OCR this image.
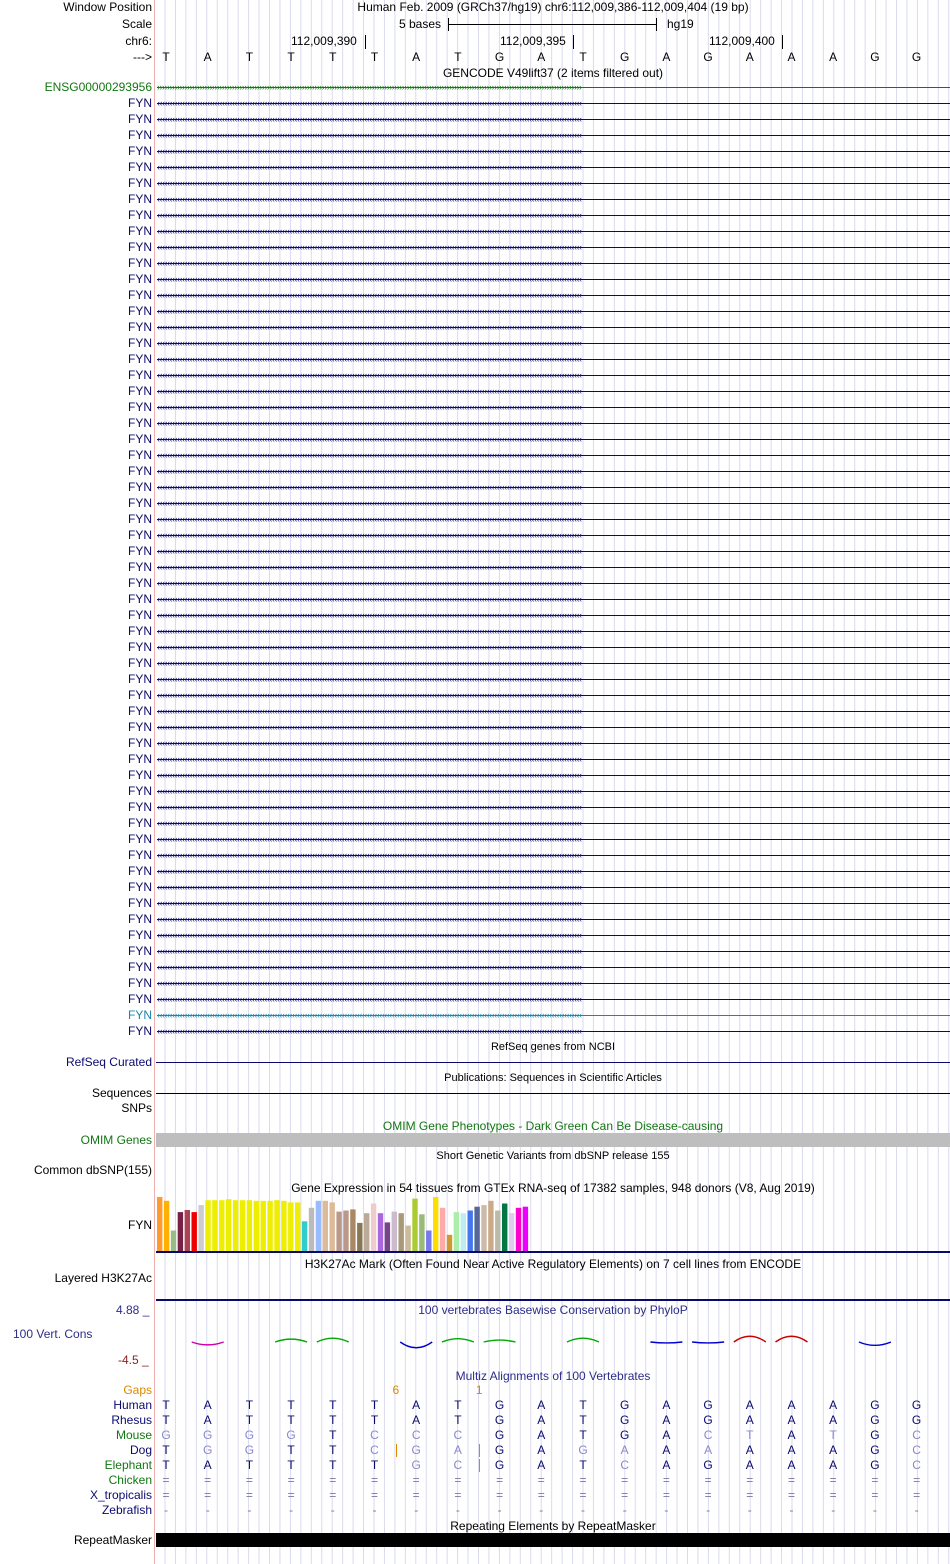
Window Position
Scale
chr6:
--->
Human Feb. 2009 (GRCh37/hg19) chr6:112,009,386-112,009,404 (19 bp)
5 bases	hg19
112,009,390	112,009,395	112,009,400
T	A	T	T	T	T	A	T	G	A	T	G	A	G	A	A	A	G	G
GENCODE V49lift37 (2 items filtered out)
ENSG00000293956 ››››››››››››››››››››››››››››››››››››››››››››››››››››››››››››››››››››››››››››››››››››››››››››››››››››››››››››››››››››››››››››››››››››››››››››››››››››››››››››››››››››››››››
FYN ‹‹‹‹‹‹‹‹‹‹‹‹‹‹‹‹‹‹‹‹‹‹‹‹‹‹‹‹‹‹‹‹‹‹‹‹‹‹‹‹‹‹‹‹‹‹‹‹‹‹‹‹‹‹‹‹‹‹‹‹‹‹‹‹‹‹‹‹‹‹‹‹‹‹‹‹‹‹‹‹‹‹‹‹‹‹‹‹‹‹‹‹‹‹‹‹‹‹‹‹‹‹‹‹‹‹‹‹‹‹‹‹‹‹‹‹‹‹‹‹‹‹‹‹‹‹‹‹‹‹‹‹‹‹‹‹‹‹‹‹‹‹‹‹‹‹‹‹‹‹‹‹‹‹‹‹‹‹‹‹‹‹‹‹‹‹‹‹‹‹
FYN ‹‹‹‹‹‹‹‹‹‹‹‹‹‹‹‹‹‹‹‹‹‹‹‹‹‹‹‹‹‹‹‹‹‹‹‹‹‹‹‹‹‹‹‹‹‹‹‹‹‹‹‹‹‹‹‹‹‹‹‹‹‹‹‹‹‹‹‹‹‹‹‹‹‹‹‹‹‹‹‹‹‹‹‹‹‹‹‹‹‹‹‹‹‹‹‹‹‹‹‹‹‹‹‹‹‹‹‹‹‹‹‹‹‹‹‹‹‹‹‹‹‹‹‹‹‹‹‹‹‹‹‹‹‹‹‹‹‹‹‹‹‹‹‹‹‹‹‹‹‹‹‹‹‹‹‹‹‹‹‹‹‹‹‹‹‹‹‹‹‹
FYN ‹‹‹‹‹‹‹‹‹‹‹‹‹‹‹‹‹‹‹‹‹‹‹‹‹‹‹‹‹‹‹‹‹‹‹‹‹‹‹‹‹‹‹‹‹‹‹‹‹‹‹‹‹‹‹‹‹‹‹‹‹‹‹‹‹‹‹‹‹‹‹‹‹‹‹‹‹‹‹‹‹‹‹‹‹‹‹‹‹‹‹‹‹‹‹‹‹‹‹‹‹‹‹‹‹‹‹‹‹‹‹‹‹‹‹‹‹‹‹‹‹‹‹‹‹‹‹‹‹‹‹‹‹‹‹‹‹‹‹‹‹‹‹‹‹‹‹‹‹‹‹‹‹‹‹‹‹‹‹‹‹‹‹‹‹‹‹‹‹‹
FYN ‹‹‹‹‹‹‹‹‹‹‹‹‹‹‹‹‹‹‹‹‹‹‹‹‹‹‹‹‹‹‹‹‹‹‹‹‹‹‹‹‹‹‹‹‹‹‹‹‹‹‹‹‹‹‹‹‹‹‹‹‹‹‹‹‹‹‹‹‹‹‹‹‹‹‹‹‹‹‹‹‹‹‹‹‹‹‹‹‹‹‹‹‹‹‹‹‹‹‹‹‹‹‹‹‹‹‹‹‹‹‹‹‹‹‹‹‹‹‹‹‹‹‹‹‹‹‹‹‹‹‹‹‹‹‹‹‹‹‹‹‹‹‹‹‹‹‹‹‹‹‹‹‹‹‹‹‹‹‹‹‹‹‹‹‹‹‹‹‹‹
FYN ‹‹‹‹‹‹‹‹‹‹‹‹‹‹‹‹‹‹‹‹‹‹‹‹‹‹‹‹‹‹‹‹‹‹‹‹‹‹‹‹‹‹‹‹‹‹‹‹‹‹‹‹‹‹‹‹‹‹‹‹‹‹‹‹‹‹‹‹‹‹‹‹‹‹‹‹‹‹‹‹‹‹‹‹‹‹‹‹‹‹‹‹‹‹‹‹‹‹‹‹‹‹‹‹‹‹‹‹‹‹‹‹‹‹‹‹‹‹‹‹‹‹‹‹‹‹‹‹‹‹‹‹‹‹‹‹‹‹‹‹‹‹‹‹‹‹‹‹‹‹‹‹‹‹‹‹‹‹‹‹‹‹‹‹‹‹‹‹‹‹
FYN ‹‹‹‹‹‹‹‹‹‹‹‹‹‹‹‹‹‹‹‹‹‹‹‹‹‹‹‹‹‹‹‹‹‹‹‹‹‹‹‹‹‹‹‹‹‹‹‹‹‹‹‹‹‹‹‹‹‹‹‹‹‹‹‹‹‹‹‹‹‹‹‹‹‹‹‹‹‹‹‹‹‹‹‹‹‹‹‹‹‹‹‹‹‹‹‹‹‹‹‹‹‹‹‹‹‹‹‹‹‹‹‹‹‹‹‹‹‹‹‹‹‹‹‹‹‹‹‹‹‹‹‹‹‹‹‹‹‹‹‹‹‹‹‹‹‹‹‹‹‹‹‹‹‹‹‹‹‹‹‹‹‹‹‹‹‹‹‹‹‹
FYN ‹‹‹‹‹‹‹‹‹‹‹‹‹‹‹‹‹‹‹‹‹‹‹‹‹‹‹‹‹‹‹‹‹‹‹‹‹‹‹‹‹‹‹‹‹‹‹‹‹‹‹‹‹‹‹‹‹‹‹‹‹‹‹‹‹‹‹‹‹‹‹‹‹‹‹‹‹‹‹‹‹‹‹‹‹‹‹‹‹‹‹‹‹‹‹‹‹‹‹‹‹‹‹‹‹‹‹‹‹‹‹‹‹‹‹‹‹‹‹‹‹‹‹‹‹‹‹‹‹‹‹‹‹‹‹‹‹‹‹‹‹‹‹‹‹‹‹‹‹‹‹‹‹‹‹‹‹‹‹‹‹‹‹‹‹‹‹‹‹‹
FYN ‹‹‹‹‹‹‹‹‹‹‹‹‹‹‹‹‹‹‹‹‹‹‹‹‹‹‹‹‹‹‹‹‹‹‹‹‹‹‹‹‹‹‹‹‹‹‹‹‹‹‹‹‹‹‹‹‹‹‹‹‹‹‹‹‹‹‹‹‹‹‹‹‹‹‹‹‹‹‹‹‹‹‹‹‹‹‹‹‹‹‹‹‹‹‹‹‹‹‹‹‹‹‹‹‹‹‹‹‹‹‹‹‹‹‹‹‹‹‹‹‹‹‹‹‹‹‹‹‹‹‹‹‹‹‹‹‹‹‹‹‹‹‹‹‹‹‹‹‹‹‹‹‹‹‹‹‹‹‹‹‹‹‹‹‹‹‹‹‹‹
FYN ‹‹‹‹‹‹‹‹‹‹‹‹‹‹‹‹‹‹‹‹‹‹‹‹‹‹‹‹‹‹‹‹‹‹‹‹‹‹‹‹‹‹‹‹‹‹‹‹‹‹‹‹‹‹‹‹‹‹‹‹‹‹‹‹‹‹‹‹‹‹‹‹‹‹‹‹‹‹‹‹‹‹‹‹‹‹‹‹‹‹‹‹‹‹‹‹‹‹‹‹‹‹‹‹‹‹‹‹‹‹‹‹‹‹‹‹‹‹‹‹‹‹‹‹‹‹‹‹‹‹‹‹‹‹‹‹‹‹‹‹‹‹‹‹‹‹‹‹‹‹‹‹‹‹‹‹‹‹‹‹‹‹‹‹‹‹‹‹‹‹
FYN ‹‹‹‹‹‹‹‹‹‹‹‹‹‹‹‹‹‹‹‹‹‹‹‹‹‹‹‹‹‹‹‹‹‹‹‹‹‹‹‹‹‹‹‹‹‹‹‹‹‹‹‹‹‹‹‹‹‹‹‹‹‹‹‹‹‹‹‹‹‹‹‹‹‹‹‹‹‹‹‹‹‹‹‹‹‹‹‹‹‹‹‹‹‹‹‹‹‹‹‹‹‹‹‹‹‹‹‹‹‹‹‹‹‹‹‹‹‹‹‹‹‹‹‹‹‹‹‹‹‹‹‹‹‹‹‹‹‹‹‹‹‹‹‹‹‹‹‹‹‹‹‹‹‹‹‹‹‹‹‹‹‹‹‹‹‹‹‹‹‹
FYN ‹‹‹‹‹‹‹‹‹‹‹‹‹‹‹‹‹‹‹‹‹‹‹‹‹‹‹‹‹‹‹‹‹‹‹‹‹‹‹‹‹‹‹‹‹‹‹‹‹‹‹‹‹‹‹‹‹‹‹‹‹‹‹‹‹‹‹‹‹‹‹‹‹‹‹‹‹‹‹‹‹‹‹‹‹‹‹‹‹‹‹‹‹‹‹‹‹‹‹‹‹‹‹‹‹‹‹‹‹‹‹‹‹‹‹‹‹‹‹‹‹‹‹‹‹‹‹‹‹‹‹‹‹‹‹‹‹‹‹‹‹‹‹‹‹‹‹‹‹‹‹‹‹‹‹‹‹‹‹‹‹‹‹‹‹‹‹‹‹‹
FYN ‹‹‹‹‹‹‹‹‹‹‹‹‹‹‹‹‹‹‹‹‹‹‹‹‹‹‹‹‹‹‹‹‹‹‹‹‹‹‹‹‹‹‹‹‹‹‹‹‹‹‹‹‹‹‹‹‹‹‹‹‹‹‹‹‹‹‹‹‹‹‹‹‹‹‹‹‹‹‹‹‹‹‹‹‹‹‹‹‹‹‹‹‹‹‹‹‹‹‹‹‹‹‹‹‹‹‹‹‹‹‹‹‹‹‹‹‹‹‹‹‹‹‹‹‹‹‹‹‹‹‹‹‹‹‹‹‹‹‹‹‹‹‹‹‹‹‹‹‹‹‹‹‹‹‹‹‹‹‹‹‹‹‹‹‹‹‹‹‹‹
FYN ‹‹‹‹‹‹‹‹‹‹‹‹‹‹‹‹‹‹‹‹‹‹‹‹‹‹‹‹‹‹‹‹‹‹‹‹‹‹‹‹‹‹‹‹‹‹‹‹‹‹‹‹‹‹‹‹‹‹‹‹‹‹‹‹‹‹‹‹‹‹‹‹‹‹‹‹‹‹‹‹‹‹‹‹‹‹‹‹‹‹‹‹‹‹‹‹‹‹‹‹‹‹‹‹‹‹‹‹‹‹‹‹‹‹‹‹‹‹‹‹‹‹‹‹‹‹‹‹‹‹‹‹‹‹‹‹‹‹‹‹‹‹‹‹‹‹‹‹‹‹‹‹‹‹‹‹‹‹‹‹‹‹‹‹‹‹‹‹‹‹
FYN ‹‹‹‹‹‹‹‹‹‹‹‹‹‹‹‹‹‹‹‹‹‹‹‹‹‹‹‹‹‹‹‹‹‹‹‹‹‹‹‹‹‹‹‹‹‹‹‹‹‹‹‹‹‹‹‹‹‹‹‹‹‹‹‹‹‹‹‹‹‹‹‹‹‹‹‹‹‹‹‹‹‹‹‹‹‹‹‹‹‹‹‹‹‹‹‹‹‹‹‹‹‹‹‹‹‹‹‹‹‹‹‹‹‹‹‹‹‹‹‹‹‹‹‹‹‹‹‹‹‹‹‹‹‹‹‹‹‹‹‹‹‹‹‹‹‹‹‹‹‹‹‹‹‹‹‹‹‹‹‹‹‹‹‹‹‹‹‹‹‹
FYN ‹‹‹‹‹‹‹‹‹‹‹‹‹‹‹‹‹‹‹‹‹‹‹‹‹‹‹‹‹‹‹‹‹‹‹‹‹‹‹‹‹‹‹‹‹‹‹‹‹‹‹‹‹‹‹‹‹‹‹‹‹‹‹‹‹‹‹‹‹‹‹‹‹‹‹‹‹‹‹‹‹‹‹‹‹‹‹‹‹‹‹‹‹‹‹‹‹‹‹‹‹‹‹‹‹‹‹‹‹‹‹‹‹‹‹‹‹‹‹‹‹‹‹‹‹‹‹‹‹‹‹‹‹‹‹‹‹‹‹‹‹‹‹‹‹‹‹‹‹‹‹‹‹‹‹‹‹‹‹‹‹‹‹‹‹‹‹‹‹‹
FYN ‹‹‹‹‹‹‹‹‹‹‹‹‹‹‹‹‹‹‹‹‹‹‹‹‹‹‹‹‹‹‹‹‹‹‹‹‹‹‹‹‹‹‹‹‹‹‹‹‹‹‹‹‹‹‹‹‹‹‹‹‹‹‹‹‹‹‹‹‹‹‹‹‹‹‹‹‹‹‹‹‹‹‹‹‹‹‹‹‹‹‹‹‹‹‹‹‹‹‹‹‹‹‹‹‹‹‹‹‹‹‹‹‹‹‹‹‹‹‹‹‹‹‹‹‹‹‹‹‹‹‹‹‹‹‹‹‹‹‹‹‹‹‹‹‹‹‹‹‹‹‹‹‹‹‹‹‹‹‹‹‹‹‹‹‹‹‹‹‹‹
FYN ‹‹‹‹‹‹‹‹‹‹‹‹‹‹‹‹‹‹‹‹‹‹‹‹‹‹‹‹‹‹‹‹‹‹‹‹‹‹‹‹‹‹‹‹‹‹‹‹‹‹‹‹‹‹‹‹‹‹‹‹‹‹‹‹‹‹‹‹‹‹‹‹‹‹‹‹‹‹‹‹‹‹‹‹‹‹‹‹‹‹‹‹‹‹‹‹‹‹‹‹‹‹‹‹‹‹‹‹‹‹‹‹‹‹‹‹‹‹‹‹‹‹‹‹‹‹‹‹‹‹‹‹‹‹‹‹‹‹‹‹‹‹‹‹‹‹‹‹‹‹‹‹‹‹‹‹‹‹‹‹‹‹‹‹‹‹‹‹‹‹
FYN ‹‹‹‹‹‹‹‹‹‹‹‹‹‹‹‹‹‹‹‹‹‹‹‹‹‹‹‹‹‹‹‹‹‹‹‹‹‹‹‹‹‹‹‹‹‹‹‹‹‹‹‹‹‹‹‹‹‹‹‹‹‹‹‹‹‹‹‹‹‹‹‹‹‹‹‹‹‹‹‹‹‹‹‹‹‹‹‹‹‹‹‹‹‹‹‹‹‹‹‹‹‹‹‹‹‹‹‹‹‹‹‹‹‹‹‹‹‹‹‹‹‹‹‹‹‹‹‹‹‹‹‹‹‹‹‹‹‹‹‹‹‹‹‹‹‹‹‹‹‹‹‹‹‹‹‹‹‹‹‹‹‹‹‹‹‹‹‹‹‹
FYN ‹‹‹‹‹‹‹‹‹‹‹‹‹‹‹‹‹‹‹‹‹‹‹‹‹‹‹‹‹‹‹‹‹‹‹‹‹‹‹‹‹‹‹‹‹‹‹‹‹‹‹‹‹‹‹‹‹‹‹‹‹‹‹‹‹‹‹‹‹‹‹‹‹‹‹‹‹‹‹‹‹‹‹‹‹‹‹‹‹‹‹‹‹‹‹‹‹‹‹‹‹‹‹‹‹‹‹‹‹‹‹‹‹‹‹‹‹‹‹‹‹‹‹‹‹‹‹‹‹‹‹‹‹‹‹‹‹‹‹‹‹‹‹‹‹‹‹‹‹‹‹‹‹‹‹‹‹‹‹‹‹‹‹‹‹‹‹‹‹‹
FYN ‹‹‹‹‹‹‹‹‹‹‹‹‹‹‹‹‹‹‹‹‹‹‹‹‹‹‹‹‹‹‹‹‹‹‹‹‹‹‹‹‹‹‹‹‹‹‹‹‹‹‹‹‹‹‹‹‹‹‹‹‹‹‹‹‹‹‹‹‹‹‹‹‹‹‹‹‹‹‹‹‹‹‹‹‹‹‹‹‹‹‹‹‹‹‹‹‹‹‹‹‹‹‹‹‹‹‹‹‹‹‹‹‹‹‹‹‹‹‹‹‹‹‹‹‹‹‹‹‹‹‹‹‹‹‹‹‹‹‹‹‹‹‹‹‹‹‹‹‹‹‹‹‹‹‹‹‹‹‹‹‹‹‹‹‹‹‹‹‹‹
FYN ‹‹‹‹‹‹‹‹‹‹‹‹‹‹‹‹‹‹‹‹‹‹‹‹‹‹‹‹‹‹‹‹‹‹‹‹‹‹‹‹‹‹‹‹‹‹‹‹‹‹‹‹‹‹‹‹‹‹‹‹‹‹‹‹‹‹‹‹‹‹‹‹‹‹‹‹‹‹‹‹‹‹‹‹‹‹‹‹‹‹‹‹‹‹‹‹‹‹‹‹‹‹‹‹‹‹‹‹‹‹‹‹‹‹‹‹‹‹‹‹‹‹‹‹‹‹‹‹‹‹‹‹‹‹‹‹‹‹‹‹‹‹‹‹‹‹‹‹‹‹‹‹‹‹‹‹‹‹‹‹‹‹‹‹‹‹‹‹‹‹
FYN ‹‹‹‹‹‹‹‹‹‹‹‹‹‹‹‹‹‹‹‹‹‹‹‹‹‹‹‹‹‹‹‹‹‹‹‹‹‹‹‹‹‹‹‹‹‹‹‹‹‹‹‹‹‹‹‹‹‹‹‹‹‹‹‹‹‹‹‹‹‹‹‹‹‹‹‹‹‹‹‹‹‹‹‹‹‹‹‹‹‹‹‹‹‹‹‹‹‹‹‹‹‹‹‹‹‹‹‹‹‹‹‹‹‹‹‹‹‹‹‹‹‹‹‹‹‹‹‹‹‹‹‹‹‹‹‹‹‹‹‹‹‹‹‹‹‹‹‹‹‹‹‹‹‹‹‹‹‹‹‹‹‹‹‹‹‹‹‹‹‹
FYN ‹‹‹‹‹‹‹‹‹‹‹‹‹‹‹‹‹‹‹‹‹‹‹‹‹‹‹‹‹‹‹‹‹‹‹‹‹‹‹‹‹‹‹‹‹‹‹‹‹‹‹‹‹‹‹‹‹‹‹‹‹‹‹‹‹‹‹‹‹‹‹‹‹‹‹‹‹‹‹‹‹‹‹‹‹‹‹‹‹‹‹‹‹‹‹‹‹‹‹‹‹‹‹‹‹‹‹‹‹‹‹‹‹‹‹‹‹‹‹‹‹‹‹‹‹‹‹‹‹‹‹‹‹‹‹‹‹‹‹‹‹‹‹‹‹‹‹‹‹‹‹‹‹‹‹‹‹‹‹‹‹‹‹‹‹‹‹‹‹‹
FYN ‹‹‹‹‹‹‹‹‹‹‹‹‹‹‹‹‹‹‹‹‹‹‹‹‹‹‹‹‹‹‹‹‹‹‹‹‹‹‹‹‹‹‹‹‹‹‹‹‹‹‹‹‹‹‹‹‹‹‹‹‹‹‹‹‹‹‹‹‹‹‹‹‹‹‹‹‹‹‹‹‹‹‹‹‹‹‹‹‹‹‹‹‹‹‹‹‹‹‹‹‹‹‹‹‹‹‹‹‹‹‹‹‹‹‹‹‹‹‹‹‹‹‹‹‹‹‹‹‹‹‹‹‹‹‹‹‹‹‹‹‹‹‹‹‹‹‹‹‹‹‹‹‹‹‹‹‹‹‹‹‹‹‹‹‹‹‹‹‹‹
FYN ‹‹‹‹‹‹‹‹‹‹‹‹‹‹‹‹‹‹‹‹‹‹‹‹‹‹‹‹‹‹‹‹‹‹‹‹‹‹‹‹‹‹‹‹‹‹‹‹‹‹‹‹‹‹‹‹‹‹‹‹‹‹‹‹‹‹‹‹‹‹‹‹‹‹‹‹‹‹‹‹‹‹‹‹‹‹‹‹‹‹‹‹‹‹‹‹‹‹‹‹‹‹‹‹‹‹‹‹‹‹‹‹‹‹‹‹‹‹‹‹‹‹‹‹‹‹‹‹‹‹‹‹‹‹‹‹‹‹‹‹‹‹‹‹‹‹‹‹‹‹‹‹‹‹‹‹‹‹‹‹‹‹‹‹‹‹‹‹‹‹
FYN ‹‹‹‹‹‹‹‹‹‹‹‹‹‹‹‹‹‹‹‹‹‹‹‹‹‹‹‹‹‹‹‹‹‹‹‹‹‹‹‹‹‹‹‹‹‹‹‹‹‹‹‹‹‹‹‹‹‹‹‹‹‹‹‹‹‹‹‹‹‹‹‹‹‹‹‹‹‹‹‹‹‹‹‹‹‹‹‹‹‹‹‹‹‹‹‹‹‹‹‹‹‹‹‹‹‹‹‹‹‹‹‹‹‹‹‹‹‹‹‹‹‹‹‹‹‹‹‹‹‹‹‹‹‹‹‹‹‹‹‹‹‹‹‹‹‹‹‹‹‹‹‹‹‹‹‹‹‹‹‹‹‹‹‹‹‹‹‹‹‹
FYN ‹‹‹‹‹‹‹‹‹‹‹‹‹‹‹‹‹‹‹‹‹‹‹‹‹‹‹‹‹‹‹‹‹‹‹‹‹‹‹‹‹‹‹‹‹‹‹‹‹‹‹‹‹‹‹‹‹‹‹‹‹‹‹‹‹‹‹‹‹‹‹‹‹‹‹‹‹‹‹‹‹‹‹‹‹‹‹‹‹‹‹‹‹‹‹‹‹‹‹‹‹‹‹‹‹‹‹‹‹‹‹‹‹‹‹‹‹‹‹‹‹‹‹‹‹‹‹‹‹‹‹‹‹‹‹‹‹‹‹‹‹‹‹‹‹‹‹‹‹‹‹‹‹‹‹‹‹‹‹‹‹‹‹‹‹‹‹‹‹‹
FYN ‹‹‹‹‹‹‹‹‹‹‹‹‹‹‹‹‹‹‹‹‹‹‹‹‹‹‹‹‹‹‹‹‹‹‹‹‹‹‹‹‹‹‹‹‹‹‹‹‹‹‹‹‹‹‹‹‹‹‹‹‹‹‹‹‹‹‹‹‹‹‹‹‹‹‹‹‹‹‹‹‹‹‹‹‹‹‹‹‹‹‹‹‹‹‹‹‹‹‹‹‹‹‹‹‹‹‹‹‹‹‹‹‹‹‹‹‹‹‹‹‹‹‹‹‹‹‹‹‹‹‹‹‹‹‹‹‹‹‹‹‹‹‹‹‹‹‹‹‹‹‹‹‹‹‹‹‹‹‹‹‹‹‹‹‹‹‹‹‹‹
FYN ‹‹‹‹‹‹‹‹‹‹‹‹‹‹‹‹‹‹‹‹‹‹‹‹‹‹‹‹‹‹‹‹‹‹‹‹‹‹‹‹‹‹‹‹‹‹‹‹‹‹‹‹‹‹‹‹‹‹‹‹‹‹‹‹‹‹‹‹‹‹‹‹‹‹‹‹‹‹‹‹‹‹‹‹‹‹‹‹‹‹‹‹‹‹‹‹‹‹‹‹‹‹‹‹‹‹‹‹‹‹‹‹‹‹‹‹‹‹‹‹‹‹‹‹‹‹‹‹‹‹‹‹‹‹‹‹‹‹‹‹‹‹‹‹‹‹‹‹‹‹‹‹‹‹‹‹‹‹‹‹‹‹‹‹‹‹‹‹‹‹
FYN ‹‹‹‹‹‹‹‹‹‹‹‹‹‹‹‹‹‹‹‹‹‹‹‹‹‹‹‹‹‹‹‹‹‹‹‹‹‹‹‹‹‹‹‹‹‹‹‹‹‹‹‹‹‹‹‹‹‹‹‹‹‹‹‹‹‹‹‹‹‹‹‹‹‹‹‹‹‹‹‹‹‹‹‹‹‹‹‹‹‹‹‹‹‹‹‹‹‹‹‹‹‹‹‹‹‹‹‹‹‹‹‹‹‹‹‹‹‹‹‹‹‹‹‹‹‹‹‹‹‹‹‹‹‹‹‹‹‹‹‹‹‹‹‹‹‹‹‹‹‹‹‹‹‹‹‹‹‹‹‹‹‹‹‹‹‹‹‹‹‹
FYN ‹‹‹‹‹‹‹‹‹‹‹‹‹‹‹‹‹‹‹‹‹‹‹‹‹‹‹‹‹‹‹‹‹‹‹‹‹‹‹‹‹‹‹‹‹‹‹‹‹‹‹‹‹‹‹‹‹‹‹‹‹‹‹‹‹‹‹‹‹‹‹‹‹‹‹‹‹‹‹‹‹‹‹‹‹‹‹‹‹‹‹‹‹‹‹‹‹‹‹‹‹‹‹‹‹‹‹‹‹‹‹‹‹‹‹‹‹‹‹‹‹‹‹‹‹‹‹‹‹‹‹‹‹‹‹‹‹‹‹‹‹‹‹‹‹‹‹‹‹‹‹‹‹‹‹‹‹‹‹‹‹‹‹‹‹‹‹‹‹‹
FYN ‹‹‹‹‹‹‹‹‹‹‹‹‹‹‹‹‹‹‹‹‹‹‹‹‹‹‹‹‹‹‹‹‹‹‹‹‹‹‹‹‹‹‹‹‹‹‹‹‹‹‹‹‹‹‹‹‹‹‹‹‹‹‹‹‹‹‹‹‹‹‹‹‹‹‹‹‹‹‹‹‹‹‹‹‹‹‹‹‹‹‹‹‹‹‹‹‹‹‹‹‹‹‹‹‹‹‹‹‹‹‹‹‹‹‹‹‹‹‹‹‹‹‹‹‹‹‹‹‹‹‹‹‹‹‹‹‹‹‹‹‹‹‹‹‹‹‹‹‹‹‹‹‹‹‹‹‹‹‹‹‹‹‹‹‹‹‹‹‹‹
FYN ‹‹‹‹‹‹‹‹‹‹‹‹‹‹‹‹‹‹‹‹‹‹‹‹‹‹‹‹‹‹‹‹‹‹‹‹‹‹‹‹‹‹‹‹‹‹‹‹‹‹‹‹‹‹‹‹‹‹‹‹‹‹‹‹‹‹‹‹‹‹‹‹‹‹‹‹‹‹‹‹‹‹‹‹‹‹‹‹‹‹‹‹‹‹‹‹‹‹‹‹‹‹‹‹‹‹‹‹‹‹‹‹‹‹‹‹‹‹‹‹‹‹‹‹‹‹‹‹‹‹‹‹‹‹‹‹‹‹‹‹‹‹‹‹‹‹‹‹‹‹‹‹‹‹‹‹‹‹‹‹‹‹‹‹‹‹‹‹‹‹
FYN ‹‹‹‹‹‹‹‹‹‹‹‹‹‹‹‹‹‹‹‹‹‹‹‹‹‹‹‹‹‹‹‹‹‹‹‹‹‹‹‹‹‹‹‹‹‹‹‹‹‹‹‹‹‹‹‹‹‹‹‹‹‹‹‹‹‹‹‹‹‹‹‹‹‹‹‹‹‹‹‹‹‹‹‹‹‹‹‹‹‹‹‹‹‹‹‹‹‹‹‹‹‹‹‹‹‹‹‹‹‹‹‹‹‹‹‹‹‹‹‹‹‹‹‹‹‹‹‹‹‹‹‹‹‹‹‹‹‹‹‹‹‹‹‹‹‹‹‹‹‹‹‹‹‹‹‹‹‹‹‹‹‹‹‹‹‹‹‹‹‹
FYN ‹‹‹‹‹‹‹‹‹‹‹‹‹‹‹‹‹‹‹‹‹‹‹‹‹‹‹‹‹‹‹‹‹‹‹‹‹‹‹‹‹‹‹‹‹‹‹‹‹‹‹‹‹‹‹‹‹‹‹‹‹‹‹‹‹‹‹‹‹‹‹‹‹‹‹‹‹‹‹‹‹‹‹‹‹‹‹‹‹‹‹‹‹‹‹‹‹‹‹‹‹‹‹‹‹‹‹‹‹‹‹‹‹‹‹‹‹‹‹‹‹‹‹‹‹‹‹‹‹‹‹‹‹‹‹‹‹‹‹‹‹‹‹‹‹‹‹‹‹‹‹‹‹‹‹‹‹‹‹‹‹‹‹‹‹‹‹‹‹‹
FYN ‹‹‹‹‹‹‹‹‹‹‹‹‹‹‹‹‹‹‹‹‹‹‹‹‹‹‹‹‹‹‹‹‹‹‹‹‹‹‹‹‹‹‹‹‹‹‹‹‹‹‹‹‹‹‹‹‹‹‹‹‹‹‹‹‹‹‹‹‹‹‹‹‹‹‹‹‹‹‹‹‹‹‹‹‹‹‹‹‹‹‹‹‹‹‹‹‹‹‹‹‹‹‹‹‹‹‹‹‹‹‹‹‹‹‹‹‹‹‹‹‹‹‹‹‹‹‹‹‹‹‹‹‹‹‹‹‹‹‹‹‹‹‹‹‹‹‹‹‹‹‹‹‹‹‹‹‹‹‹‹‹‹‹‹‹‹‹‹‹‹
FYN ‹‹‹‹‹‹‹‹‹‹‹‹‹‹‹‹‹‹‹‹‹‹‹‹‹‹‹‹‹‹‹‹‹‹‹‹‹‹‹‹‹‹‹‹‹‹‹‹‹‹‹‹‹‹‹‹‹‹‹‹‹‹‹‹‹‹‹‹‹‹‹‹‹‹‹‹‹‹‹‹‹‹‹‹‹‹‹‹‹‹‹‹‹‹‹‹‹‹‹‹‹‹‹‹‹‹‹‹‹‹‹‹‹‹‹‹‹‹‹‹‹‹‹‹‹‹‹‹‹‹‹‹‹‹‹‹‹‹‹‹‹‹‹‹‹‹‹‹‹‹‹‹‹‹‹‹‹‹‹‹‹‹‹‹‹‹‹‹‹‹
FYN ‹‹‹‹‹‹‹‹‹‹‹‹‹‹‹‹‹‹‹‹‹‹‹‹‹‹‹‹‹‹‹‹‹‹‹‹‹‹‹‹‹‹‹‹‹‹‹‹‹‹‹‹‹‹‹‹‹‹‹‹‹‹‹‹‹‹‹‹‹‹‹‹‹‹‹‹‹‹‹‹‹‹‹‹‹‹‹‹‹‹‹‹‹‹‹‹‹‹‹‹‹‹‹‹‹‹‹‹‹‹‹‹‹‹‹‹‹‹‹‹‹‹‹‹‹‹‹‹‹‹‹‹‹‹‹‹‹‹‹‹‹‹‹‹‹‹‹‹‹‹‹‹‹‹‹‹‹‹‹‹‹‹‹‹‹‹‹‹‹‹
FYN ‹‹‹‹‹‹‹‹‹‹‹‹‹‹‹‹‹‹‹‹‹‹‹‹‹‹‹‹‹‹‹‹‹‹‹‹‹‹‹‹‹‹‹‹‹‹‹‹‹‹‹‹‹‹‹‹‹‹‹‹‹‹‹‹‹‹‹‹‹‹‹‹‹‹‹‹‹‹‹‹‹‹‹‹‹‹‹‹‹‹‹‹‹‹‹‹‹‹‹‹‹‹‹‹‹‹‹‹‹‹‹‹‹‹‹‹‹‹‹‹‹‹‹‹‹‹‹‹‹‹‹‹‹‹‹‹‹‹‹‹‹‹‹‹‹‹‹‹‹‹‹‹‹‹‹‹‹‹‹‹‹‹‹‹‹‹‹‹‹‹
FYN ‹‹‹‹‹‹‹‹‹‹‹‹‹‹‹‹‹‹‹‹‹‹‹‹‹‹‹‹‹‹‹‹‹‹‹‹‹‹‹‹‹‹‹‹‹‹‹‹‹‹‹‹‹‹‹‹‹‹‹‹‹‹‹‹‹‹‹‹‹‹‹‹‹‹‹‹‹‹‹‹‹‹‹‹‹‹‹‹‹‹‹‹‹‹‹‹‹‹‹‹‹‹‹‹‹‹‹‹‹‹‹‹‹‹‹‹‹‹‹‹‹‹‹‹‹‹‹‹‹‹‹‹‹‹‹‹‹‹‹‹‹‹‹‹‹‹‹‹‹‹‹‹‹‹‹‹‹‹‹‹‹‹‹‹‹‹‹‹‹‹
FYN ‹‹‹‹‹‹‹‹‹‹‹‹‹‹‹‹‹‹‹‹‹‹‹‹‹‹‹‹‹‹‹‹‹‹‹‹‹‹‹‹‹‹‹‹‹‹‹‹‹‹‹‹‹‹‹‹‹‹‹‹‹‹‹‹‹‹‹‹‹‹‹‹‹‹‹‹‹‹‹‹‹‹‹‹‹‹‹‹‹‹‹‹‹‹‹‹‹‹‹‹‹‹‹‹‹‹‹‹‹‹‹‹‹‹‹‹‹‹‹‹‹‹‹‹‹‹‹‹‹‹‹‹‹‹‹‹‹‹‹‹‹‹‹‹‹‹‹‹‹‹‹‹‹‹‹‹‹‹‹‹‹‹‹‹‹‹‹‹‹‹
FYN ‹‹‹‹‹‹‹‹‹‹‹‹‹‹‹‹‹‹‹‹‹‹‹‹‹‹‹‹‹‹‹‹‹‹‹‹‹‹‹‹‹‹‹‹‹‹‹‹‹‹‹‹‹‹‹‹‹‹‹‹‹‹‹‹‹‹‹‹‹‹‹‹‹‹‹‹‹‹‹‹‹‹‹‹‹‹‹‹‹‹‹‹‹‹‹‹‹‹‹‹‹‹‹‹‹‹‹‹‹‹‹‹‹‹‹‹‹‹‹‹‹‹‹‹‹‹‹‹‹‹‹‹‹‹‹‹‹‹‹‹‹‹‹‹‹‹‹‹‹‹‹‹‹‹‹‹‹‹‹‹‹‹‹‹‹‹‹‹‹‹
FYN ‹‹‹‹‹‹‹‹‹‹‹‹‹‹‹‹‹‹‹‹‹‹‹‹‹‹‹‹‹‹‹‹‹‹‹‹‹‹‹‹‹‹‹‹‹‹‹‹‹‹‹‹‹‹‹‹‹‹‹‹‹‹‹‹‹‹‹‹‹‹‹‹‹‹‹‹‹‹‹‹‹‹‹‹‹‹‹‹‹‹‹‹‹‹‹‹‹‹‹‹‹‹‹‹‹‹‹‹‹‹‹‹‹‹‹‹‹‹‹‹‹‹‹‹‹‹‹‹‹‹‹‹‹‹‹‹‹‹‹‹‹‹‹‹‹‹‹‹‹‹‹‹‹‹‹‹‹‹‹‹‹‹‹‹‹‹‹‹‹‹
FYN ‹‹‹‹‹‹‹‹‹‹‹‹‹‹‹‹‹‹‹‹‹‹‹‹‹‹‹‹‹‹‹‹‹‹‹‹‹‹‹‹‹‹‹‹‹‹‹‹‹‹‹‹‹‹‹‹‹‹‹‹‹‹‹‹‹‹‹‹‹‹‹‹‹‹‹‹‹‹‹‹‹‹‹‹‹‹‹‹‹‹‹‹‹‹‹‹‹‹‹‹‹‹‹‹‹‹‹‹‹‹‹‹‹‹‹‹‹‹‹‹‹‹‹‹‹‹‹‹‹‹‹‹‹‹‹‹‹‹‹‹‹‹‹‹‹‹‹‹‹‹‹‹‹‹‹‹‹‹‹‹‹‹‹‹‹‹‹‹‹‹
FYN ‹‹‹‹‹‹‹‹‹‹‹‹‹‹‹‹‹‹‹‹‹‹‹‹‹‹‹‹‹‹‹‹‹‹‹‹‹‹‹‹‹‹‹‹‹‹‹‹‹‹‹‹‹‹‹‹‹‹‹‹‹‹‹‹‹‹‹‹‹‹‹‹‹‹‹‹‹‹‹‹‹‹‹‹‹‹‹‹‹‹‹‹‹‹‹‹‹‹‹‹‹‹‹‹‹‹‹‹‹‹‹‹‹‹‹‹‹‹‹‹‹‹‹‹‹‹‹‹‹‹‹‹‹‹‹‹‹‹‹‹‹‹‹‹‹‹‹‹‹‹‹‹‹‹‹‹‹‹‹‹‹‹‹‹‹‹‹‹‹‹
FYN ‹‹‹‹‹‹‹‹‹‹‹‹‹‹‹‹‹‹‹‹‹‹‹‹‹‹‹‹‹‹‹‹‹‹‹‹‹‹‹‹‹‹‹‹‹‹‹‹‹‹‹‹‹‹‹‹‹‹‹‹‹‹‹‹‹‹‹‹‹‹‹‹‹‹‹‹‹‹‹‹‹‹‹‹‹‹‹‹‹‹‹‹‹‹‹‹‹‹‹‹‹‹‹‹‹‹‹‹‹‹‹‹‹‹‹‹‹‹‹‹‹‹‹‹‹‹‹‹‹‹‹‹‹‹‹‹‹‹‹‹‹‹‹‹‹‹‹‹‹‹‹‹‹‹‹‹‹‹‹‹‹‹‹‹‹‹‹‹‹‹
FYN ‹‹‹‹‹‹‹‹‹‹‹‹‹‹‹‹‹‹‹‹‹‹‹‹‹‹‹‹‹‹‹‹‹‹‹‹‹‹‹‹‹‹‹‹‹‹‹‹‹‹‹‹‹‹‹‹‹‹‹‹‹‹‹‹‹‹‹‹‹‹‹‹‹‹‹‹‹‹‹‹‹‹‹‹‹‹‹‹‹‹‹‹‹‹‹‹‹‹‹‹‹‹‹‹‹‹‹‹‹‹‹‹‹‹‹‹‹‹‹‹‹‹‹‹‹‹‹‹‹‹‹‹‹‹‹‹‹‹‹‹‹‹‹‹‹‹‹‹‹‹‹‹‹‹‹‹‹‹‹‹‹‹‹‹‹‹‹‹‹‹
FYN ‹‹‹‹‹‹‹‹‹‹‹‹‹‹‹‹‹‹‹‹‹‹‹‹‹‹‹‹‹‹‹‹‹‹‹‹‹‹‹‹‹‹‹‹‹‹‹‹‹‹‹‹‹‹‹‹‹‹‹‹‹‹‹‹‹‹‹‹‹‹‹‹‹‹‹‹‹‹‹‹‹‹‹‹‹‹‹‹‹‹‹‹‹‹‹‹‹‹‹‹‹‹‹‹‹‹‹‹‹‹‹‹‹‹‹‹‹‹‹‹‹‹‹‹‹‹‹‹‹‹‹‹‹‹‹‹‹‹‹‹‹‹‹‹‹‹‹‹‹‹‹‹‹‹‹‹‹‹‹‹‹‹‹‹‹‹‹‹‹‹
FYN ‹‹‹‹‹‹‹‹‹‹‹‹‹‹‹‹‹‹‹‹‹‹‹‹‹‹‹‹‹‹‹‹‹‹‹‹‹‹‹‹‹‹‹‹‹‹‹‹‹‹‹‹‹‹‹‹‹‹‹‹‹‹‹‹‹‹‹‹‹‹‹‹‹‹‹‹‹‹‹‹‹‹‹‹‹‹‹‹‹‹‹‹‹‹‹‹‹‹‹‹‹‹‹‹‹‹‹‹‹‹‹‹‹‹‹‹‹‹‹‹‹‹‹‹‹‹‹‹‹‹‹‹‹‹‹‹‹‹‹‹‹‹‹‹‹‹‹‹‹‹‹‹‹‹‹‹‹‹‹‹‹‹‹‹‹‹‹‹‹‹
FYN ‹‹‹‹‹‹‹‹‹‹‹‹‹‹‹‹‹‹‹‹‹‹‹‹‹‹‹‹‹‹‹‹‹‹‹‹‹‹‹‹‹‹‹‹‹‹‹‹‹‹‹‹‹‹‹‹‹‹‹‹‹‹‹‹‹‹‹‹‹‹‹‹‹‹‹‹‹‹‹‹‹‹‹‹‹‹‹‹‹‹‹‹‹‹‹‹‹‹‹‹‹‹‹‹‹‹‹‹‹‹‹‹‹‹‹‹‹‹‹‹‹‹‹‹‹‹‹‹‹‹‹‹‹‹‹‹‹‹‹‹‹‹‹‹‹‹‹‹‹‹‹‹‹‹‹‹‹‹‹‹‹‹‹‹‹‹‹‹‹‹
FYN ‹‹‹‹‹‹‹‹‹‹‹‹‹‹‹‹‹‹‹‹‹‹‹‹‹‹‹‹‹‹‹‹‹‹‹‹‹‹‹‹‹‹‹‹‹‹‹‹‹‹‹‹‹‹‹‹‹‹‹‹‹‹‹‹‹‹‹‹‹‹‹‹‹‹‹‹‹‹‹‹‹‹‹‹‹‹‹‹‹‹‹‹‹‹‹‹‹‹‹‹‹‹‹‹‹‹‹‹‹‹‹‹‹‹‹‹‹‹‹‹‹‹‹‹‹‹‹‹‹‹‹‹‹‹‹‹‹‹‹‹‹‹‹‹‹‹‹‹‹‹‹‹‹‹‹‹‹‹‹‹‹‹‹‹‹‹‹‹‹‹
FYN ‹‹‹‹‹‹‹‹‹‹‹‹‹‹‹‹‹‹‹‹‹‹‹‹‹‹‹‹‹‹‹‹‹‹‹‹‹‹‹‹‹‹‹‹‹‹‹‹‹‹‹‹‹‹‹‹‹‹‹‹‹‹‹‹‹‹‹‹‹‹‹‹‹‹‹‹‹‹‹‹‹‹‹‹‹‹‹‹‹‹‹‹‹‹‹‹‹‹‹‹‹‹‹‹‹‹‹‹‹‹‹‹‹‹‹‹‹‹‹‹‹‹‹‹‹‹‹‹‹‹‹‹‹‹‹‹‹‹‹‹‹‹‹‹‹‹‹‹‹‹‹‹‹‹‹‹‹‹‹‹‹‹‹‹‹‹‹‹‹‹
FYN ‹‹‹‹‹‹‹‹‹‹‹‹‹‹‹‹‹‹‹‹‹‹‹‹‹‹‹‹‹‹‹‹‹‹‹‹‹‹‹‹‹‹‹‹‹‹‹‹‹‹‹‹‹‹‹‹‹‹‹‹‹‹‹‹‹‹‹‹‹‹‹‹‹‹‹‹‹‹‹‹‹‹‹‹‹‹‹‹‹‹‹‹‹‹‹‹‹‹‹‹‹‹‹‹‹‹‹‹‹‹‹‹‹‹‹‹‹‹‹‹‹‹‹‹‹‹‹‹‹‹‹‹‹‹‹‹‹‹‹‹‹‹‹‹‹‹‹‹‹‹‹‹‹‹‹‹‹‹‹‹‹‹‹‹‹‹‹‹‹‹
FYN ‹‹‹‹‹‹‹‹‹‹‹‹‹‹‹‹‹‹‹‹‹‹‹‹‹‹‹‹‹‹‹‹‹‹‹‹‹‹‹‹‹‹‹‹‹‹‹‹‹‹‹‹‹‹‹‹‹‹‹‹‹‹‹‹‹‹‹‹‹‹‹‹‹‹‹‹‹‹‹‹‹‹‹‹‹‹‹‹‹‹‹‹‹‹‹‹‹‹‹‹‹‹‹‹‹‹‹‹‹‹‹‹‹‹‹‹‹‹‹‹‹‹‹‹‹‹‹‹‹‹‹‹‹‹‹‹‹‹‹‹‹‹‹‹‹‹‹‹‹‹‹‹‹‹‹‹‹‹‹‹‹‹‹‹‹‹‹‹‹‹
FYN ‹‹‹‹‹‹‹‹‹‹‹‹‹‹‹‹‹‹‹‹‹‹‹‹‹‹‹‹‹‹‹‹‹‹‹‹‹‹‹‹‹‹‹‹‹‹‹‹‹‹‹‹‹‹‹‹‹‹‹‹‹‹‹‹‹‹‹‹‹‹‹‹‹‹‹‹‹‹‹‹‹‹‹‹‹‹‹‹‹‹‹‹‹‹‹‹‹‹‹‹‹‹‹‹‹‹‹‹‹‹‹‹‹‹‹‹‹‹‹‹‹‹‹‹‹‹‹‹‹‹‹‹‹‹‹‹‹‹‹‹‹‹‹‹‹‹‹‹‹‹‹‹‹‹‹‹‹‹‹‹‹‹‹‹‹‹‹‹‹‹
FYN ‹‹‹‹‹‹‹‹‹‹‹‹‹‹‹‹‹‹‹‹‹‹‹‹‹‹‹‹‹‹‹‹‹‹‹‹‹‹‹‹‹‹‹‹‹‹‹‹‹‹‹‹‹‹‹‹‹‹‹‹‹‹‹‹‹‹‹‹‹‹‹‹‹‹‹‹‹‹‹‹‹‹‹‹‹‹‹‹‹‹‹‹‹‹‹‹‹‹‹‹‹‹‹‹‹‹‹‹‹‹‹‹‹‹‹‹‹‹‹‹‹‹‹‹‹‹‹‹‹‹‹‹‹‹‹‹‹‹‹‹‹‹‹‹‹‹‹‹‹‹‹‹‹‹‹‹‹‹‹‹‹‹‹‹‹‹‹‹‹‹
FYN ‹‹‹‹‹‹‹‹‹‹‹‹‹‹‹‹‹‹‹‹‹‹‹‹‹‹‹‹‹‹‹‹‹‹‹‹‹‹‹‹‹‹‹‹‹‹‹‹‹‹‹‹‹‹‹‹‹‹‹‹‹‹‹‹‹‹‹‹‹‹‹‹‹‹‹‹‹‹‹‹‹‹‹‹‹‹‹‹‹‹‹‹‹‹‹‹‹‹‹‹‹‹‹‹‹‹‹‹‹‹‹‹‹‹‹‹‹‹‹‹‹‹‹‹‹‹‹‹‹‹‹‹‹‹‹‹‹‹‹‹‹‹‹‹‹‹‹‹‹‹‹‹‹‹‹‹‹‹‹‹‹‹‹‹‹‹‹‹‹‹
FYN ‹‹‹‹‹‹‹‹‹‹‹‹‹‹‹‹‹‹‹‹‹‹‹‹‹‹‹‹‹‹‹‹‹‹‹‹‹‹‹‹‹‹‹‹‹‹‹‹‹‹‹‹‹‹‹‹‹‹‹‹‹‹‹‹‹‹‹‹‹‹‹‹‹‹‹‹‹‹‹‹‹‹‹‹‹‹‹‹‹‹‹‹‹‹‹‹‹‹‹‹‹‹‹‹‹‹‹‹‹‹‹‹‹‹‹‹‹‹‹‹‹‹‹‹‹‹‹‹‹‹‹‹‹‹‹‹‹‹‹‹‹‹‹‹‹‹‹‹‹‹‹‹‹‹‹‹‹‹‹‹‹‹‹‹‹‹‹‹‹‹
FYN ‹‹‹‹‹‹‹‹‹‹‹‹‹‹‹‹‹‹‹‹‹‹‹‹‹‹‹‹‹‹‹‹‹‹‹‹‹‹‹‹‹‹‹‹‹‹‹‹‹‹‹‹‹‹‹‹‹‹‹‹‹‹‹‹‹‹‹‹‹‹‹‹‹‹‹‹‹‹‹‹‹‹‹‹‹‹‹‹‹‹‹‹‹‹‹‹‹‹‹‹‹‹‹‹‹‹‹‹‹‹‹‹‹‹‹‹‹‹‹‹‹‹‹‹‹‹‹‹‹‹‹‹‹‹‹‹‹‹‹‹‹‹‹‹‹‹‹‹‹‹‹‹‹‹‹‹‹‹‹‹‹‹‹‹‹‹‹‹‹‹
RefSeq genes from NCBI
RefSeq Curated
Publications: Sequences in Scientific Articles
Sequences
SNPs
OMIM Gene Phenotypes - Dark Green Can Be Disease-causing
OMIM Genes
Short Genetic Variants from dbSNP release 155
Common dbSNP(155)
Gene Expression in 54 tissues from GTEx RNA-seq of 17382 samples, 948 donors (V8, Aug 2019)
FYN
H3K27Ac Mark (Often Found Near Active Regulatory Elements) on 7 cell lines from ENCODE
Layered H3K27Ac
100 vertebrates Basewise Conservation by PhyloP
4.88 _
100 Vert. Cons
-4.5 _
Multiz Alignments of 100 Vertebrates
Gaps	6	1
Human T	A	T	T	T	T	A	T	G	A	T	G	A	G	A	A	A	G	G
Rhesus T	A	T	T	T	T	A	T	G	A	T	G	A	G	A	A	A	G	G
Mouse G	G	G	G	T	C	C	C	G	A	T	G	A	C	T	A	T	G	C
Dog T	G	G	T	T	C	G	A	G	A	G	A	A	A	A	A	A	G	C
Elephant T	A	T	T	T	T	G	C	G	A	T	C	A	G	A	A	A	G	C
Chicken =	=	=	=	=	=	=	=	=	=	=	=	=	=	=	=	=	=	=
X_tropicalis =	=	=	=	=	=	=	=	=	=	=	=	=	=	=	=	=	=	=
Zebrafish	-	-	-	-	-	-	-	-	-	-	-	-	-	-	-	-	-	-	-
Repeating Elements by RepeatMasker
RepeatMasker
